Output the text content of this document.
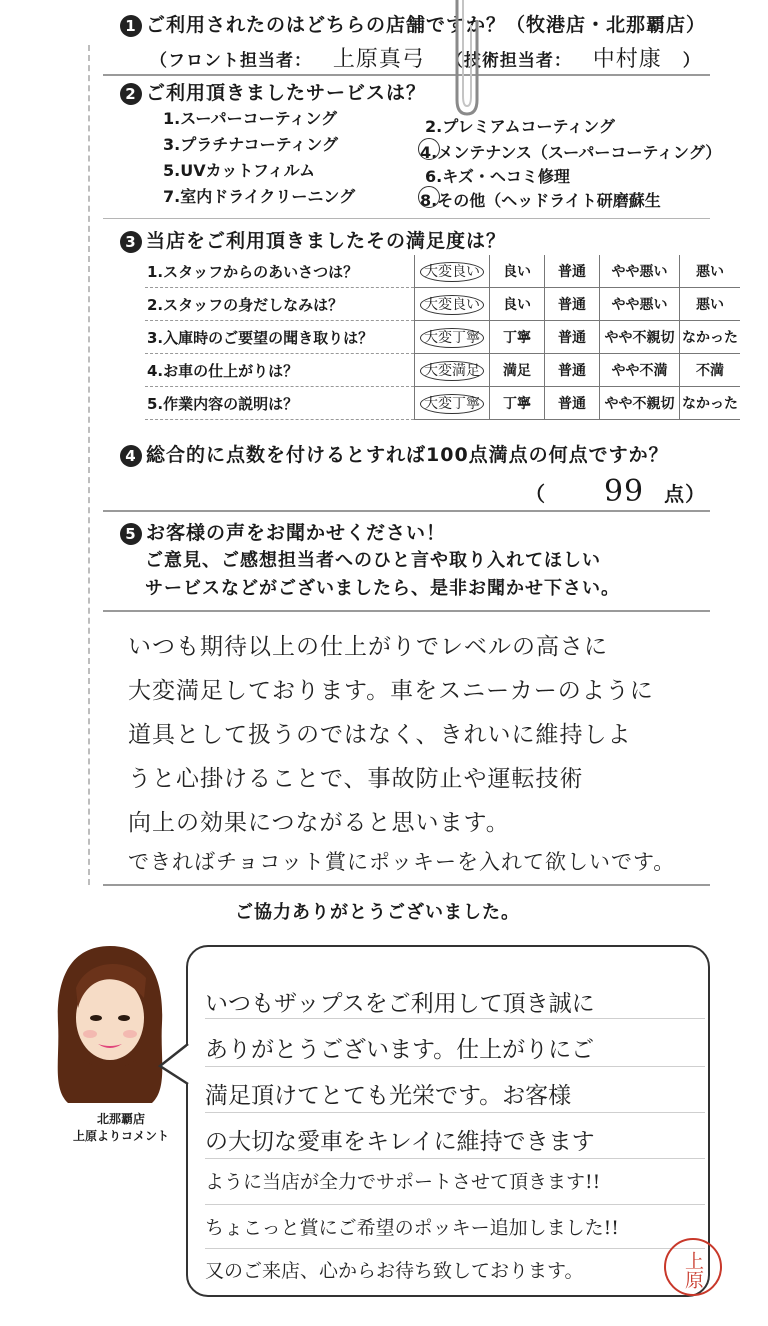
1 ご利用されたのはどちらの店舗ですか？（牧港店・北那覇店）
（フロント担当者： 上原真弓 （技術担当者： 中村康 ）
2 ご利用頂きましたサービスは？
1.スーパーコーティング	2.プレミアムコーティング
3.プラチナコーティング	4.メンテナンス（スーパーコーティング）
5.UVカットフィルム	6.キズ・ヘコミ修理
7.室内ドライクリーニング	8.その他（ヘッドライト研磨蘇生
3 当店をご利用頂きましたその満足度は？
1.スタッフからのあいさつは？	大変良い	良い	普通	やや悪い	悪い
2.スタッフの身だしなみは？	大変良い	良い	普通	やや悪い	悪い
3.入庫時のご要望の聞き取りは？	大変丁寧	丁寧	普通	やや不親切	なかった
4.お車の仕上がりは？	大変満足	満足	普通	やや不満	不満
5.作業内容の説明は？	大変丁寧	丁寧	普通	やや不親切	なかった
4 総合的に点数を付けるとすれば100点満点の何点ですか？
（ 99 点）
5 お客様の声をお聞かせください！
ご意見、ご感想担当者へのひと言や取り入れてほしい
サービスなどがございましたら、是非お聞かせ下さい。
いつも期待以上の仕上がりでレベルの高さに
大変満足しております。車をスニーカーのように
道具として扱うのではなく、きれいに維持しよ
うと心掛けることで、事故防止や運転技術
向上の効果につながると思います。
できればチョコット賞にポッキーを入れて欲しいです。
ご協力ありがとうございました。
北那覇店
上原よりコメント
いつもザップスをご利用して頂き誠に
ありがとうございます。仕上がりにご
満足頂けてとても光栄です。お客様
の大切な愛車をキレイに維持できます
ように当店が全力でサポートさせて頂きます!!
ちょこっと賞にご希望のポッキー追加しました!!
又のご来店、心からお待ち致しております。	上原
